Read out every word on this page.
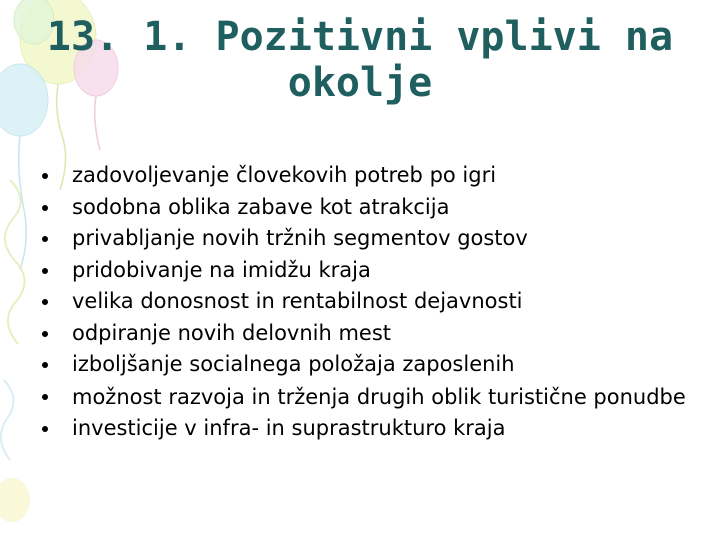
13. 1. Pozitivni vplivi na
okolje
zadovoljevanje človekovih potreb po igri
sodobna oblika zabave kot atrakcija
privabljanje novih tržnih segmentov gostov
pridobivanje na imidžu kraja
velika donosnost in rentabilnost dejavnosti
odpiranje novih delovnih mest
izboljšanje socialnega položaja zaposlenih
možnost razvoja in trženja drugih oblik turistične ponudbe
investicije v infra- in suprastrukturo kraja
